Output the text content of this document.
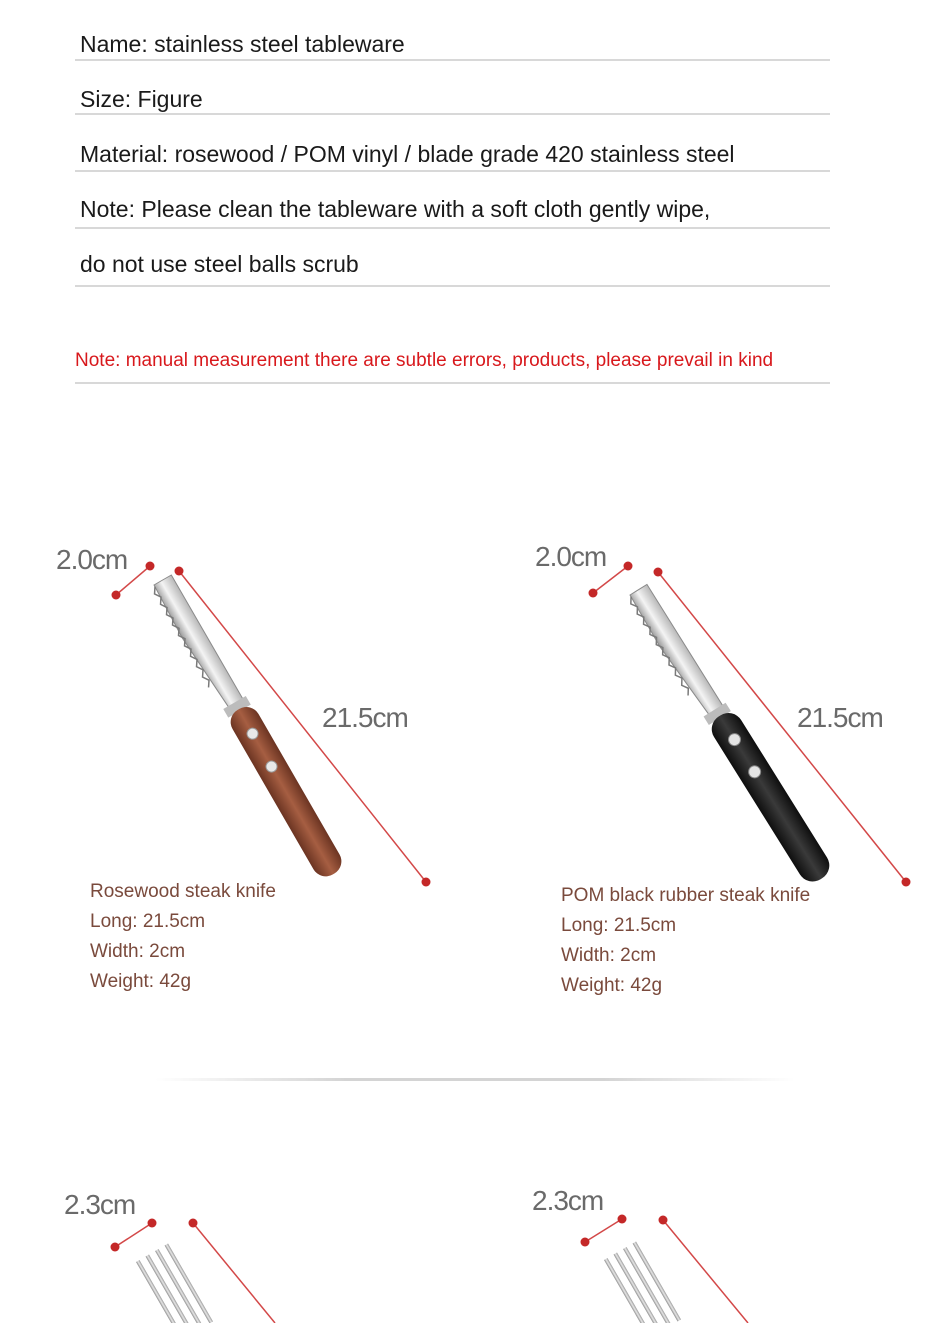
Name: stainless steel tableware
Size: Figure
Material: rosewood / POM vinyl / blade grade 420 stainless steel
Note: Please clean the tableware with a soft cloth gently wipe,
do not use steel balls scrub
Note: manual measurement there are subtle errors, products, please prevail in kind
2.0cm
21.5cm
2.0cm
21.5cm
2.3cm	2.3cm
Rosewood steak knife
Long: 21.5cm
Width: 2cm
Weight: 42g
POM black rubber steak knife
Long: 21.5cm
Width: 2cm
Weight: 42g
